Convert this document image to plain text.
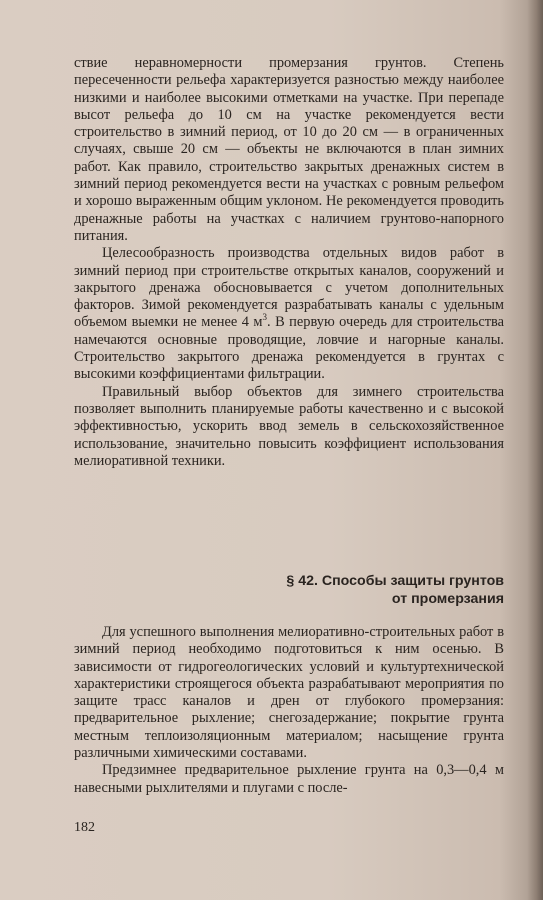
ствие неравномерности промерзания грунтов. Степень пересеченности рельефа характеризуется разностью между наиболее низкими и наиболее высокими отметками на участке. При перепаде высот рельефа до 10 см на участке рекомендуется вести строительство в зимний период, от 10 до 20 см — в ограниченных случаях, свыше 20 см — объекты не включаются в план зимних работ. Как правило, строительство закрытых дренажных систем в зимний период рекомендуется вести на участках с ровным рельефом и хорошо выраженным общим уклоном. Не рекомендуется проводить дренажные работы на участках с наличием грунтово-напорного питания.

Целесообразность производства отдельных видов работ в зимний период при строительстве открытых каналов, сооружений и закрытого дренажа обосновывается с учетом дополнительных факторов. Зимой рекомендуется разрабатывать каналы с удельным объемом выемки не менее 4 $м^3$. В первую очередь для строительства намечаются основные проводящие, ловчие и нагорные каналы. Строительство закрытого дренажа рекомендуется в грунтах с высокими коэффициентами фильтрации.

Правильный выбор объектов для зимнего строительства позволяет выполнить планируемые работы качественно и с высокой эффективностью, ускорить ввод земель в сельскохозяйственное использование, значительно повысить коэффициент использования мелиоративной техники.

§ 42. Способы защиты грунтов
от промерзания

Для успешного выполнения мелиоративно-строительных работ в зимний период необходимо подготовиться к ним осенью. В зависимости от гидрогеологических условий и культуртехнической характеристики строящегося объекта разрабатывают мероприятия по защите трасс каналов и дрен от глубокого промерзания: предварительное рыхление; снегозадержание; покрытие грунта местным теплоизоляционным материалом; насыщение грунта различными химическими составами.

Предзимнее предварительное рыхление грунта на 0,3—0,4 м навесными рыхлителями и плугами с после-

182
